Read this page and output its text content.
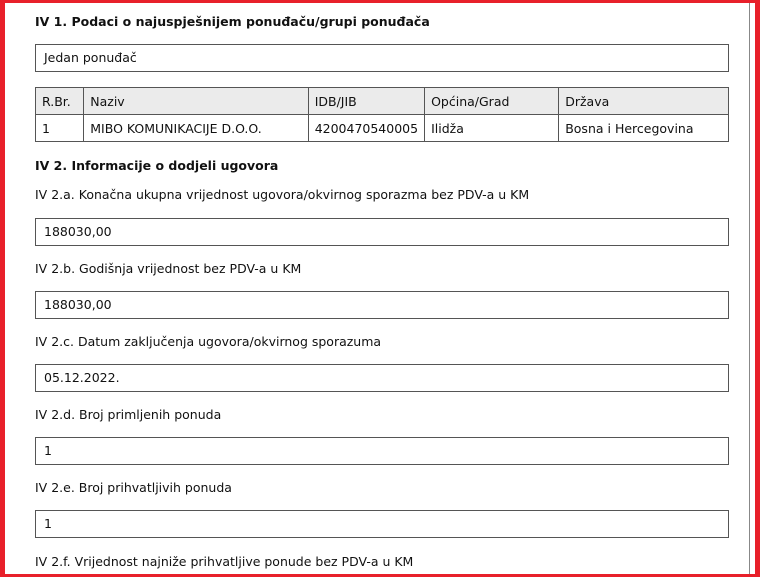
IV 1. Podaci o najuspješnijem ponuđaču/grupi ponuđača
Jedan ponuđač
R.Br.	Naziv	IDB/JIB	Općina/Grad	Država
1	MIBO KOMUNIKACIJE D.O.O.	4200470540005	Ilidža	Bosna i Hercegovina
IV 2. Informacije o dodjeli ugovora
IV 2.a. Konačna ukupna vrijednost ugovora/okvirnog sporazma bez PDV-a u KM
188030,00
IV 2.b. Godišnja vrijednost bez PDV-a u KM
188030,00
IV 2.c. Datum zaključenja ugovora/okvirnog sporazuma
05.12.2022.
IV 2.d. Broj primljenih ponuda
1
IV 2.e. Broj prihvatljivih ponuda
1
IV 2.f. Vrijednost najniže prihvatljive ponude bez PDV-a u KM
